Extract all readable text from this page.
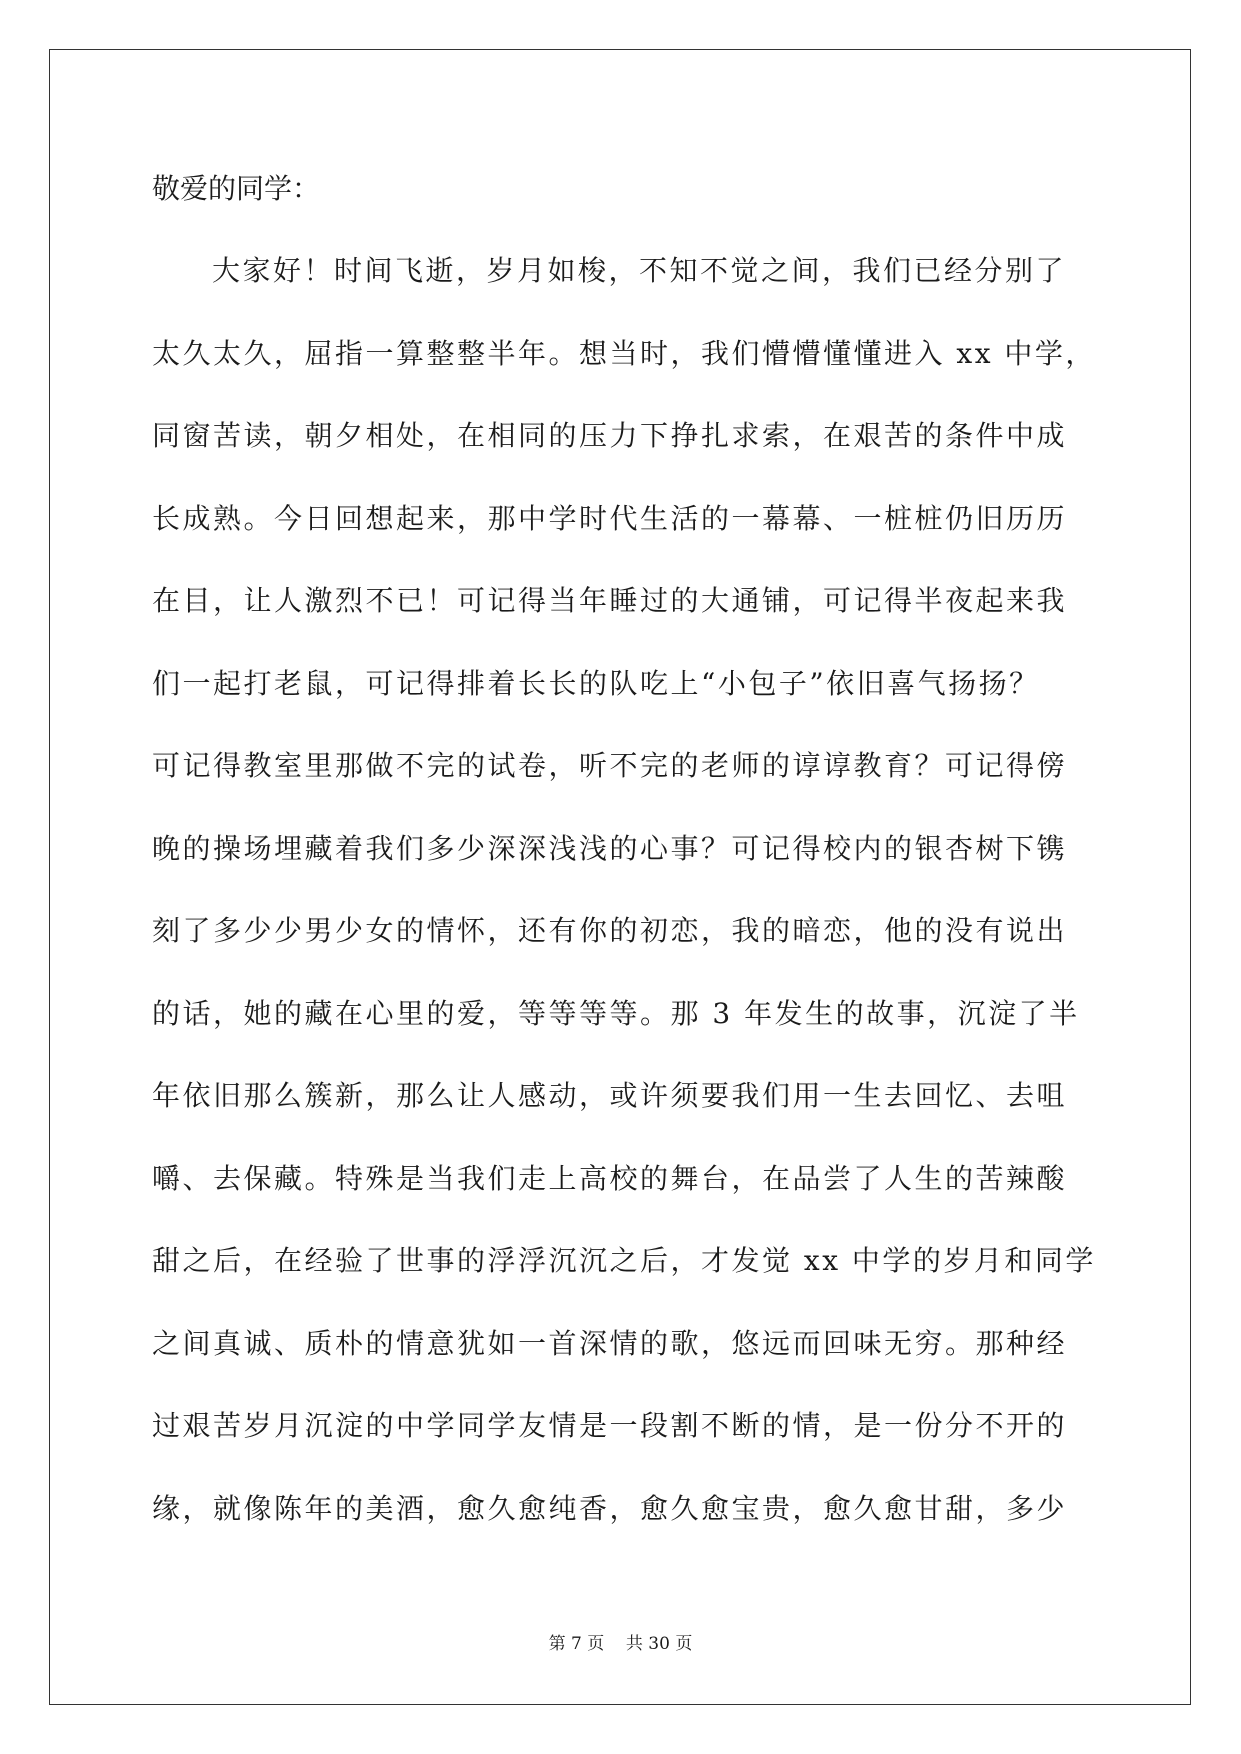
敬爱的同学：

大家好！时间飞逝，岁月如梭，不知不觉之间，我们已经分别了

太久太久，屈指一算整整半年。想当时，我们懵懵懂懂进入 xx 中学，

同窗苦读，朝夕相处，在相同的压力下挣扎求索，在艰苦的条件中成

长成熟。今日回想起来，那中学时代生活的一幕幕、一桩桩仍旧历历

在目，让人激烈不已！可记得当年睡过的大通铺，可记得半夜起来我

们一起打老鼠，可记得排着长长的队吃上“小包子”依旧喜气扬扬？

可记得教室里那做不完的试卷，听不完的老师的谆谆教育？可记得傍

晚的操场埋藏着我们多少深深浅浅的心事？可记得校内的银杏树下镌

刻了多少少男少女的情怀，还有你的初恋，我的暗恋，他的没有说出

的话，她的藏在心里的爱，等等等等。那 3 年发生的故事，沉淀了半

年依旧那么簇新，那么让人感动，或许须要我们用一生去回忆、去咀

嚼、去保藏。特殊是当我们走上高校的舞台，在品尝了人生的苦辣酸

甜之后，在经验了世事的浮浮沉沉之后，才发觉 xx 中学的岁月和同学

之间真诚、质朴的情意犹如一首深情的歌，悠远而回味无穷。那种经

过艰苦岁月沉淀的中学同学友情是一段割不断的情，是一份分不开的

缘，就像陈年的美酒，愈久愈纯香，愈久愈宝贵，愈久愈甘甜，多少

第 7 页 共 30 页
